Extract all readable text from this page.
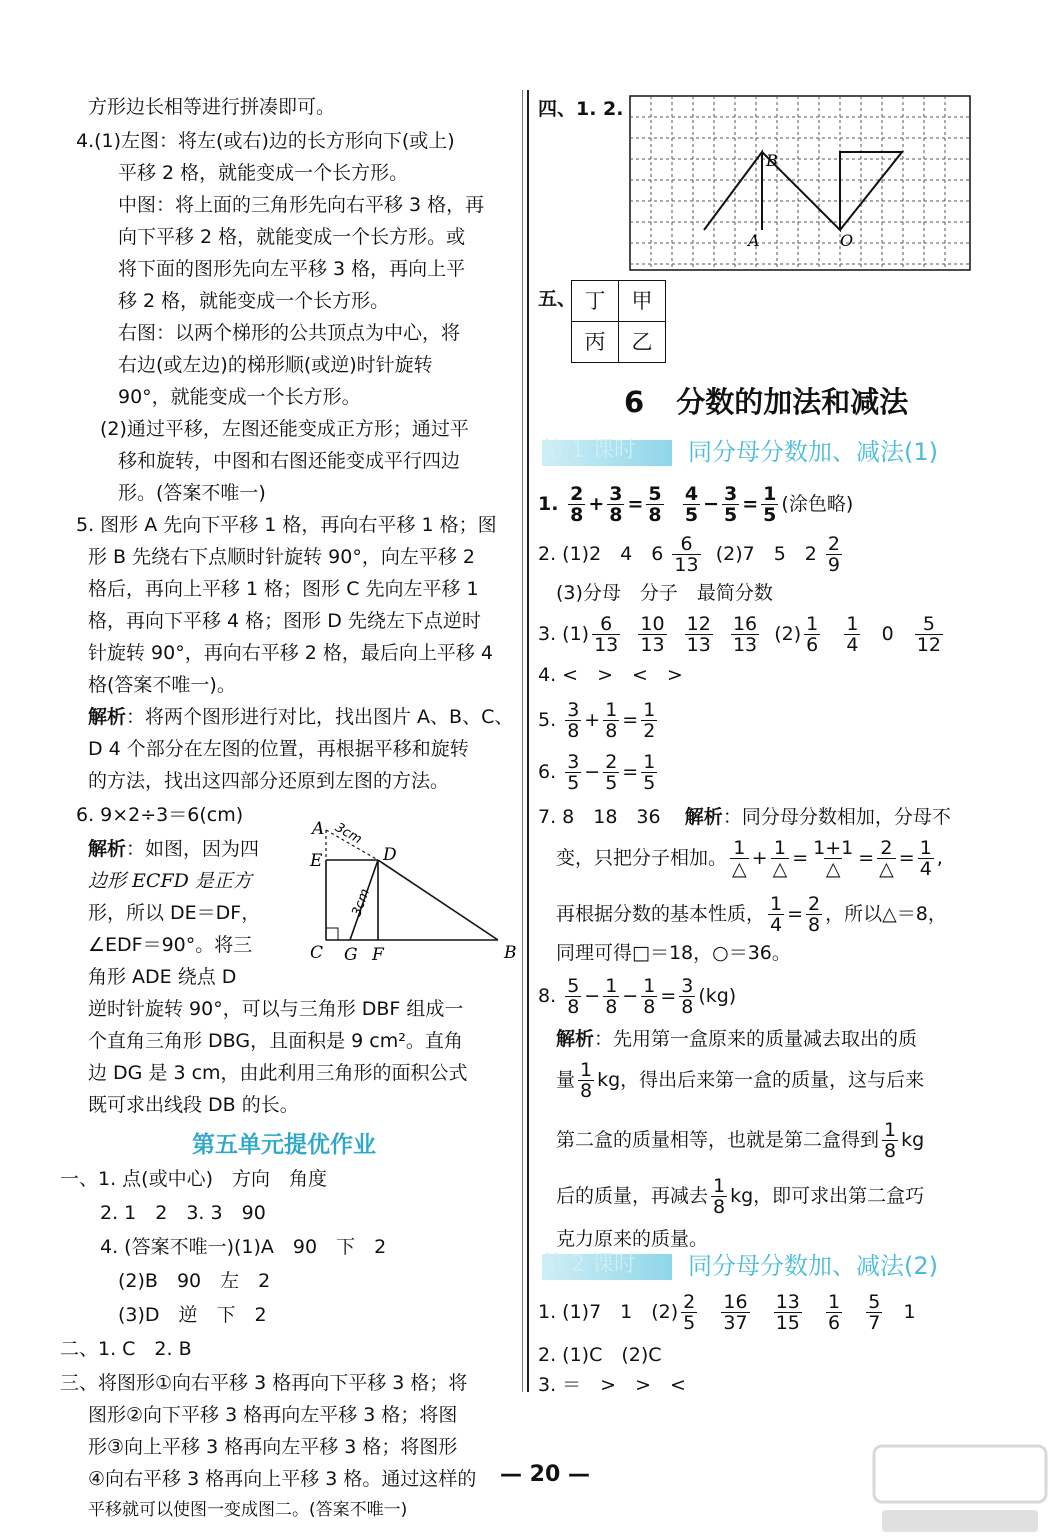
方形边长相等进行拼凑即可。
4.(1)左图：将左(或右)边的长方形向下(或上)
平移 2 格，就能变成一个长方形。
中图：将上面的三角形先向右平移 3 格，再
向下平移 2 格，就能变成一个长方形。或
将下面的图形先向左平移 3 格，再向上平
移 2 格，就能变成一个长方形。
右图：以两个梯形的公共顶点为中心，将
右边(或左边)的梯形顺(或逆)时针旋转
90°，就能变成一个长方形。
(2)通过平移，左图还能变成正方形；通过平
移和旋转，中图和右图还能变成平行四边
形。(答案不唯一)
5. 图形 A 先向下平移 1 格，再向右平移 1 格；图
形 B 先绕右下点顺时针旋转 90°，向左平移 2
格后，再向上平移 1 格；图形 C 先向左平移 1
格，再向下平移 4 格；图形 D 先绕左下点逆时
针旋转 90°，再向右平移 2 格，最后向上平移 4
格(答案不唯一)。
解析：将两个图形进行对比，找出图片 A、B、C、
D 4 个部分在左图的位置，再根据平移和旋转
的方法，找出这四部分还原到左图的方法。
6. 9×2÷3＝6(cm)
解析：如图，因为四
边形 ECFD 是正方
形，所以 DE＝DF，
∠EDF＝90°。将三
角形 ADE 绕点 D
逆时针旋转 90°，可以与三角形 DBF 组成一
个直角三角形 DBG，且面积是 9 cm²。直角
边 DG 是 3 cm，由此利用三角形的面积公式
既可求出线段 DB 的长。
A
E	D
C G F	B
3cm
3cm
第五单元提优作业
一、1. 点(或中心)　方向　角度
2. 1　2　3. 3　90
4. (答案不唯一)(1)A　90　下　2
(2)B　90　左　2
(3)D　逆　下　2
二、1. C　2. B
三、将图形①向右平移 3 格再向下平移 3 格；将
图形②向下平移 3 格再向左平移 3 格；将图
形③向上平移 3 格再向左平移 3 格；将图形
④向右平移 3 格再向上平移 3 格。通过这样的
平移就可以使图一变成图二。(答案不唯一)
四、1. 2.
B
A	O
五、 丁	甲
丙	乙
6 分数的加法和减法
第 1 课时 同分母分数加、减法(1)
1. $\frac{2}{8} + \frac{3}{8} = \frac{5}{8}$
$\frac{4}{5} - \frac{3}{5} = \frac{1}{5}$ (涂色略)
2. (1)2　4　$6 \frac{6}{13} (2)7$　5　$2 \frac{2}{9}$
(3)分母　分子　最简分数
3. $(1) \frac{6}{13}$
$\frac{10}{13}$
$\frac{12}{13}$
$\frac{16}{13} (2) \frac{1}{6}$
$\frac{1}{4} 0 \frac{5}{12}$
4. <　>　<　>
5. $\frac{3}{8} + \frac{1}{8} = \frac{1}{2}$
6. $\frac{3}{5} - \frac{2}{5} = \frac{1}{5}$
7. 8　18　36 解析：同分母分数相加，分母不
变，只把分子相加。 $\frac{1}{\triangle} + \frac{1}{\triangle} = \frac{1+1}{\triangle} = \frac{2}{\triangle} = \frac{1}{4}$ ,
再根据分数的基本性质， $\frac{1}{4} = \frac{2}{8}$ ，所以△＝8，
同理可得□＝18，○＝36。
8. $\frac{5}{8} - \frac{1}{8} - \frac{1}{8} = \frac{3}{8} (kg)$
解析：先用第一盒原来的质量减去取出的质
量 $\frac{1}{8}$ kg，得出后来第一盒的质量，这与后来
第二盒的质量相等，也就是第二盒得到 $\frac{1}{8}$ kg
后的质量，再减去 $\frac{1}{8}$ kg，即可求出第二盒巧
克力原来的质量。
第 2 课时 同分母分数加、减法(2)
1. (1)7　1　$(2) \frac{2}{5}$
$\frac{16}{37}$
$\frac{13}{15}$
$\frac{1}{6}$
$\frac{5}{7} 1$
2. (1)C　(2)C
3. ＝　>　>　<
— 20 —
